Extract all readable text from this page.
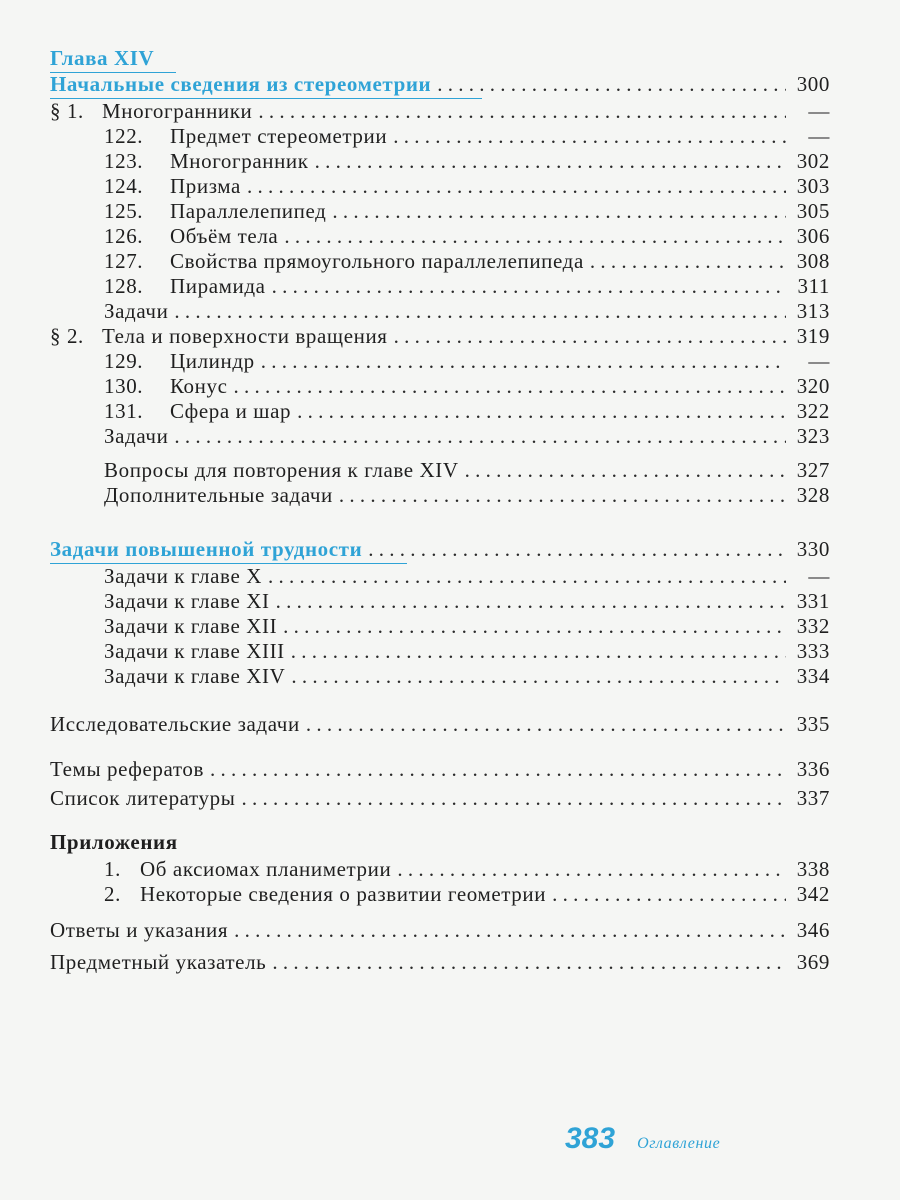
Глава XIV
Начальные сведения из стереометрии . . .	300
§ 1. Многогранники . . .	—
122. Предмет стереометрии . . .	—
123. Многогранник . . .	302
124. Призма . . .	303
125. Параллелепипед . . .	305
126. Объём тела . . .	306
127. Свойства прямоугольного параллелепипеда . . .	308
128. Пирамида . . .	311
Задачи . . .	313
§ 2. Тела и поверхности вращения . . .	319
129. Цилиндр . . .	—
130. Конус . . .	320
131. Сфера и шар . . .	322
Задачи . . .	323
Вопросы для повторения к главе XIV . . .	327
Дополнительные задачи . . .	328
Задачи повышенной трудности . . .	330
Задачи к главе X . . .	—
Задачи к главе XI . . .	331
Задачи к главе XII . . .	332
Задачи к главе XIII . . .	333
Задачи к главе XIV . . .	334
Исследовательские задачи . . .	335
Темы рефератов . . .	336
Список литературы . . .	337
Приложения
1. Об аксиомах планиметрии . . .	338
2. Некоторые сведения о развитии геометрии . . .	342
Ответы и указания . . .	346
Предметный указатель . . .	369
383 Оглавление
